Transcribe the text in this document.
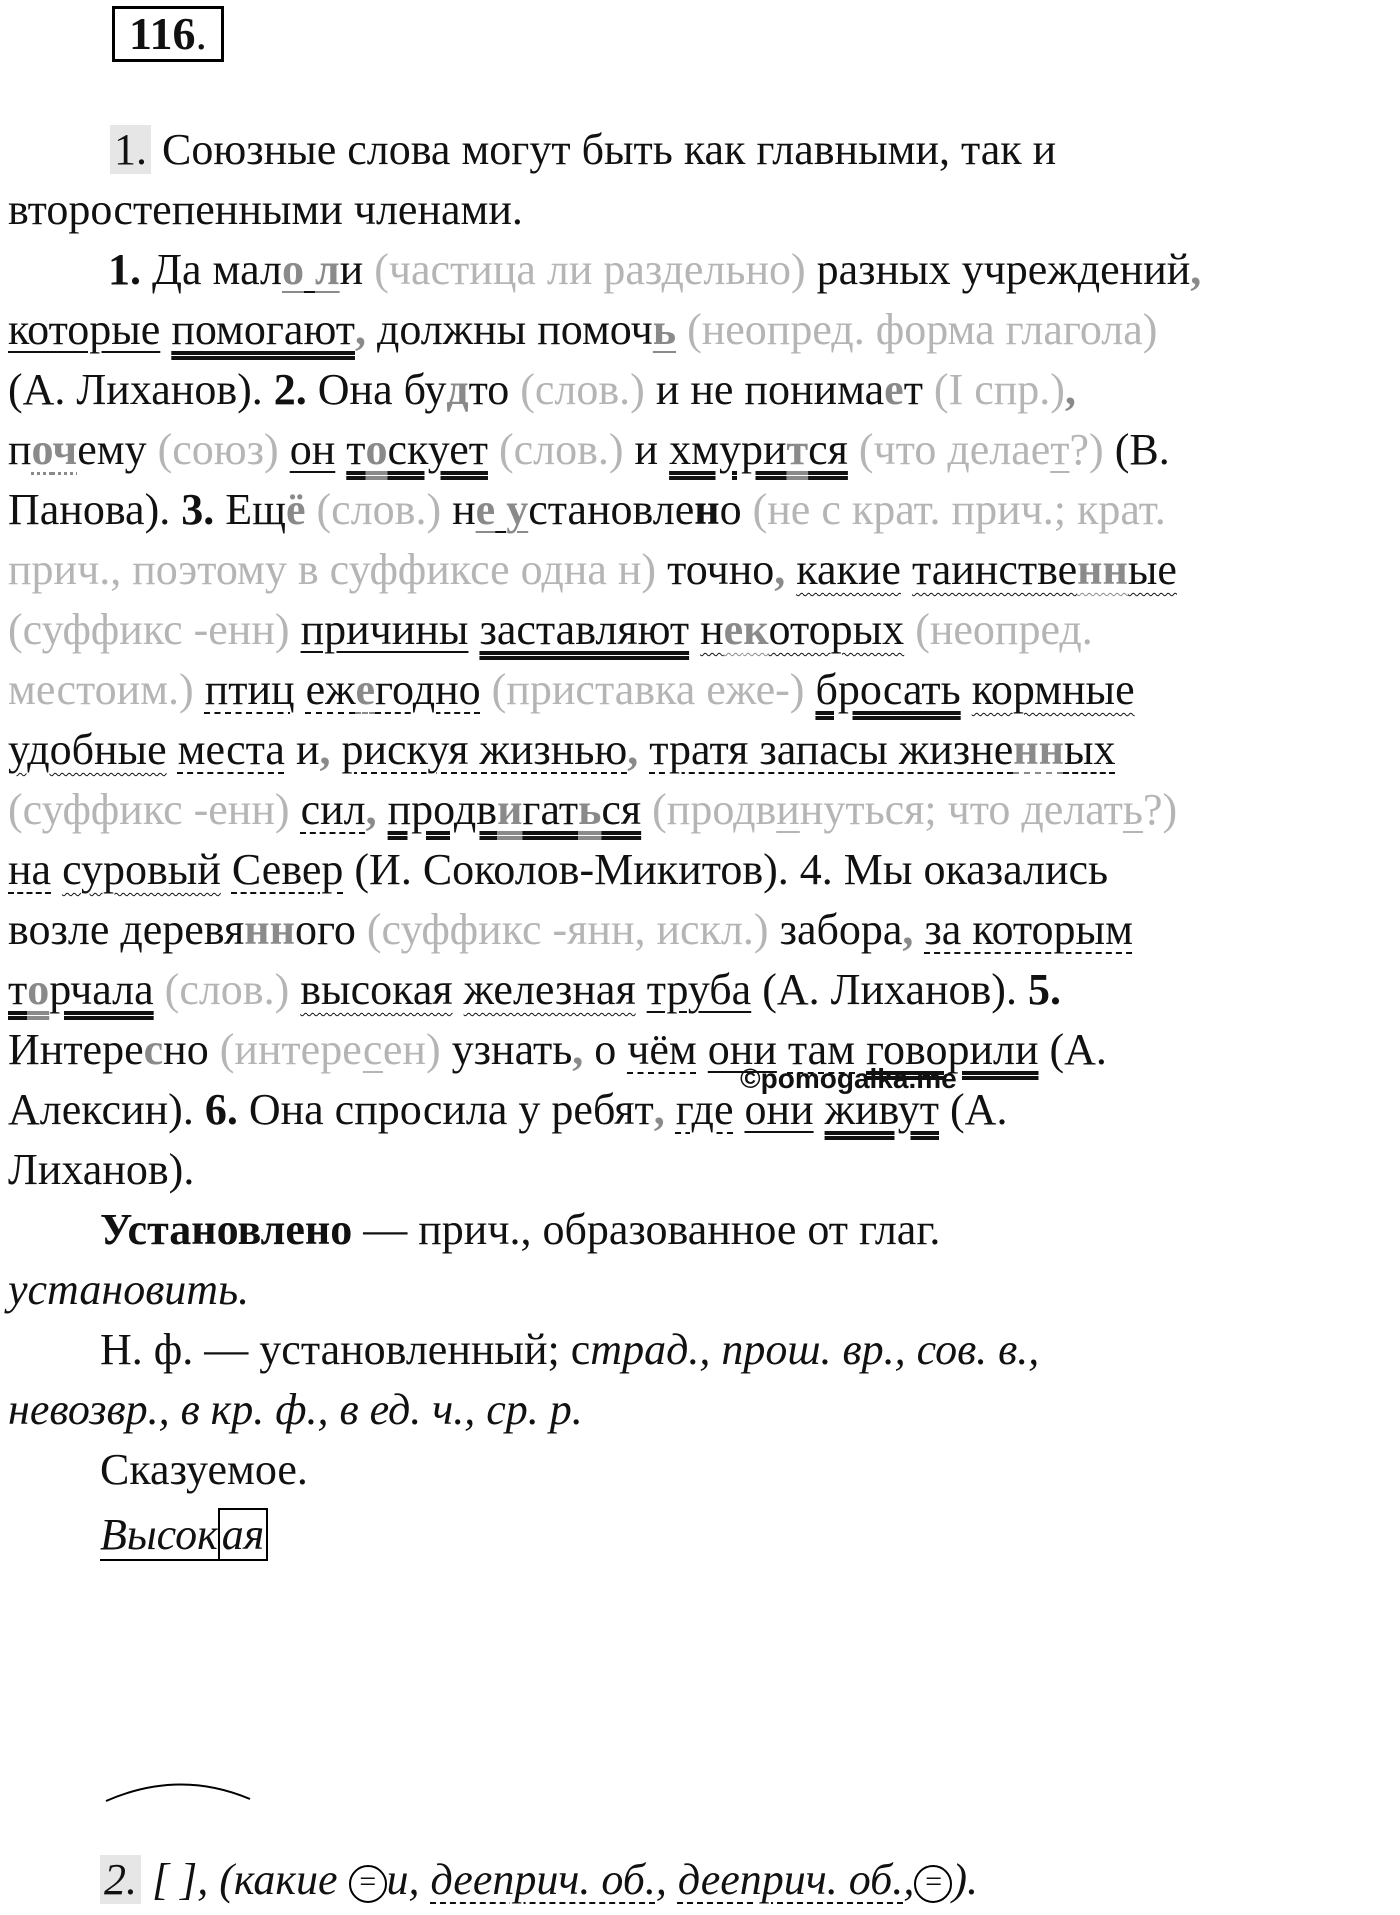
116.
1. Союзные слова могут быть как главными, так и
второстепенными членами.
1. Да мало ли (частица ли раздельно) разных учреждений,
которые помогают, должны помочь (неопред. форма глагола)
(А. Лиханов). 2. Она будто (слов.) и не понимает (I спр.),
почему (союз) он тоскует (слов.) и хмурится (что делает?) (В.
Панова). 3. Ещё (слов.) не установлено (не с крат. прич.; крат.
прич., поэтому в суффиксе одна н) точно, какие таинственные
(суффикс -енн) причины заставляют некоторых (неопред.
местоим.) птиц ежегодно (приставка еже-) бросать кормные
удобные места и, рискуя жизнью, тратя запасы жизненных
(суффикс -енн) сил, продвигаться (продвинуться; что делать?)
на суровый Север (И. Соколов-Микитов). 4. Мы оказались
возле деревянного (суффикс -янн, искл.) забора, за которым
торчала (слов.) высокая железная труба (А. Лиханов). 5.
Интересно (интересен) узнать, о чём они там говорили (А.
Алексин). 6. Она спросила у ребят, где они живут (А.
Лиханов).
©pomogalka.me
Установлено — прич., образованное от глаг.
установить.
Н. ф. — установленный; страд., прош. вр., сов. в.,
невозвр., в кр. ф., в ед. ч., ср. р.
Сказуемое.
Высокая
2. [ ], (какие = и, дееприч. об., дееприч. об., = ).
